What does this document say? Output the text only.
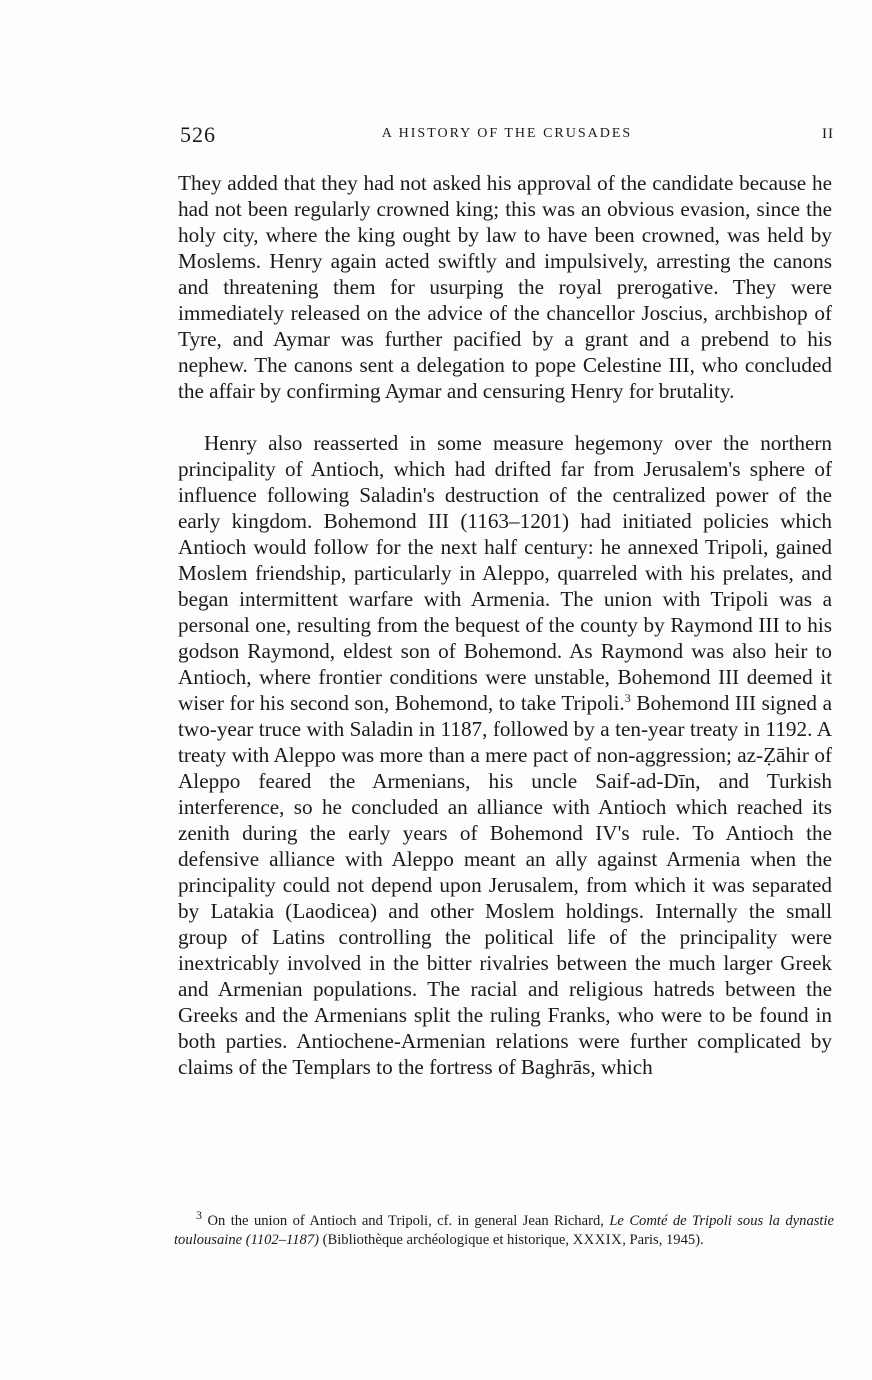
526	A HISTORY OF THE CRUSADES	II

They added that they had not asked his approval of the candidate because he had not been regularly crowned king; this was an obvious evasion, since the holy city, where the king ought by law to have been crowned, was held by Moslems. Henry again acted swiftly and impulsively, arresting the canons and threatening them for usurping the royal prerogative. They were immediately released on the advice of the chancellor Joscius, archbishop of Tyre, and Aymar was further pacified by a grant and a prebend to his nephew. The canons sent a delegation to pope Celestine III, who concluded the affair by confirming Aymar and censuring Henry for brutality.

Henry also reasserted in some measure hegemony over the northern principality of Antioch, which had drifted far from Jerusalem's sphere of influence following Saladin's destruction of the centralized power of the early kingdom. Bohemond III (1163–1201) had initiated policies which Antioch would follow for the next half century: he annexed Tripoli, gained Moslem friendship, particularly in Aleppo, quarreled with his prelates, and began intermittent warfare with Armenia. The union with Tripoli was a personal one, resulting from the bequest of the county by Raymond III to his godson Raymond, eldest son of Bohemond. As Raymond was also heir to Antioch, where frontier conditions were unstable, Bohemond III deemed it wiser for his second son, Bohemond, to take Tripoli.$^3$ Bohemond III signed a two-year truce with Saladin in 1187, followed by a ten-year treaty in 1192. A treaty with Aleppo was more than a mere pact of non-aggression; az-Ẓāhir of Aleppo feared the Armenians, his uncle Saif-ad-Dīn, and Turkish interference, so he concluded an alliance with Antioch which reached its zenith during the early years of Bohemond IV's rule. To Antioch the defensive alliance with Aleppo meant an ally against Armenia when the principality could not depend upon Jerusalem, from which it was separated by Latakia (Laodicea) and other Moslem holdings. Internally the small group of Latins controlling the political life of the principality were inextricably involved in the bitter rivalries between the much larger Greek and Armenian populations. The racial and religious hatreds between the Greeks and the Armenians split the ruling Franks, who were to be found in both parties. Antiochene-Armenian relations were further complicated by claims of the Templars to the fortress of Baghrās, which

$^3$ On the union of Antioch and Tripoli, cf. in general Jean Richard, Le Comté de Tripoli sous la dynastie toulousaine (1102–1187) (Bibliothèque archéologique et historique, XXXIX, Paris, 1945).
